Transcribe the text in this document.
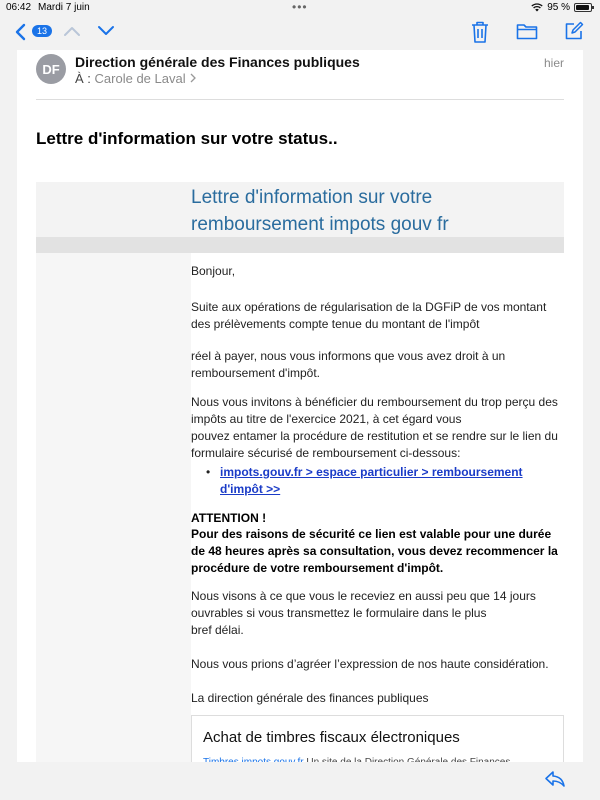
06:42 Mardi 7 juin	•••	95 %
13
DF	Direction générale des Finances publiques
À : Carole de Laval
hier
Lettre d'information sur votre status..
Lettre d'information sur votre
remboursement impots gouv fr

Bonjour,

Suite aux opérations de régularisation de la DGFiP de vos montant
des prélèvements compte tenue du montant de l'impôt

réel à payer, nous vous informons que vous avez droit à un
remboursement d'impôt.

Nous vous invitons à bénéficier du remboursement du trop perçu des
impôts au titre de l'exercice 2021, à cet égard vous
pouvez entamer la procédure de restitution et se rendre sur le lien du
formulaire sécurisé de remboursement ci-dessous:

• impots.gouv.fr > espace particulier > remboursement
d'impôt >>

ATTENTION !

Pour des raisons de sécurité ce lien est valable pour une durée
de 48 heures après sa consultation, vous devez recommencer la
procédure de votre remboursement d'impôt.

Nous visons à ce que vous le receviez en aussi peu que 14 jours
ouvrables si vous transmettez le formulaire dans le plus
bref délai.

Nous vous prions d’agréer l’expression de nos haute considération.

La direction générale des finances publiques

Achat de timbres fiscaux électroniques
